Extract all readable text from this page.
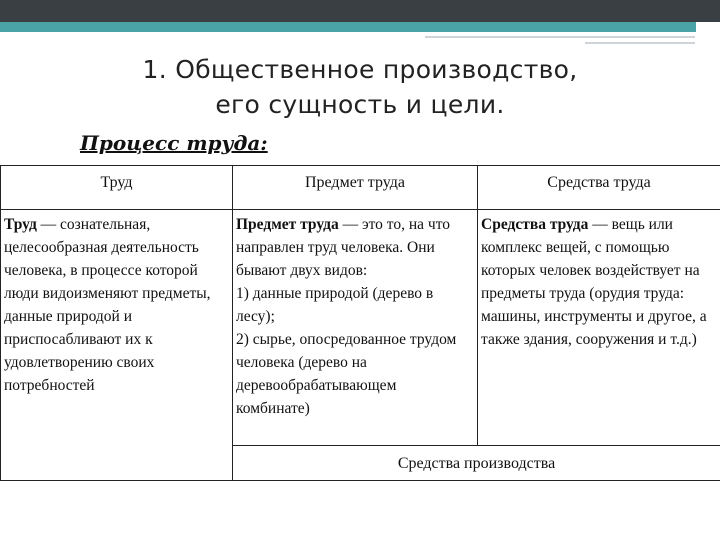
1. Общественное производство,
его сущность и цели.
Процесс труда:
Труд	Предмет труда	Средства труда
Труд — сознательная, целесообразная деятельность человека, в процессе которой люди видоизменяют предметы, данные природой и приспосабливают их к удовлетворению своих потребностей	Предмет труда — это то, на что направлен труд человека. Они бывают двух видов:
1) данные природой (дерево в лесу);
2) сырье, опосредованное трудом человека (дерево на деревообрабатывающем комбинате)	Средства труда — вещь или комплекс вещей, с помощью которых человек воздействует на предметы труда (орудия труда: машины, инструменты и другое, а также здания, сооружения и т.д.)
	Средства производства	
